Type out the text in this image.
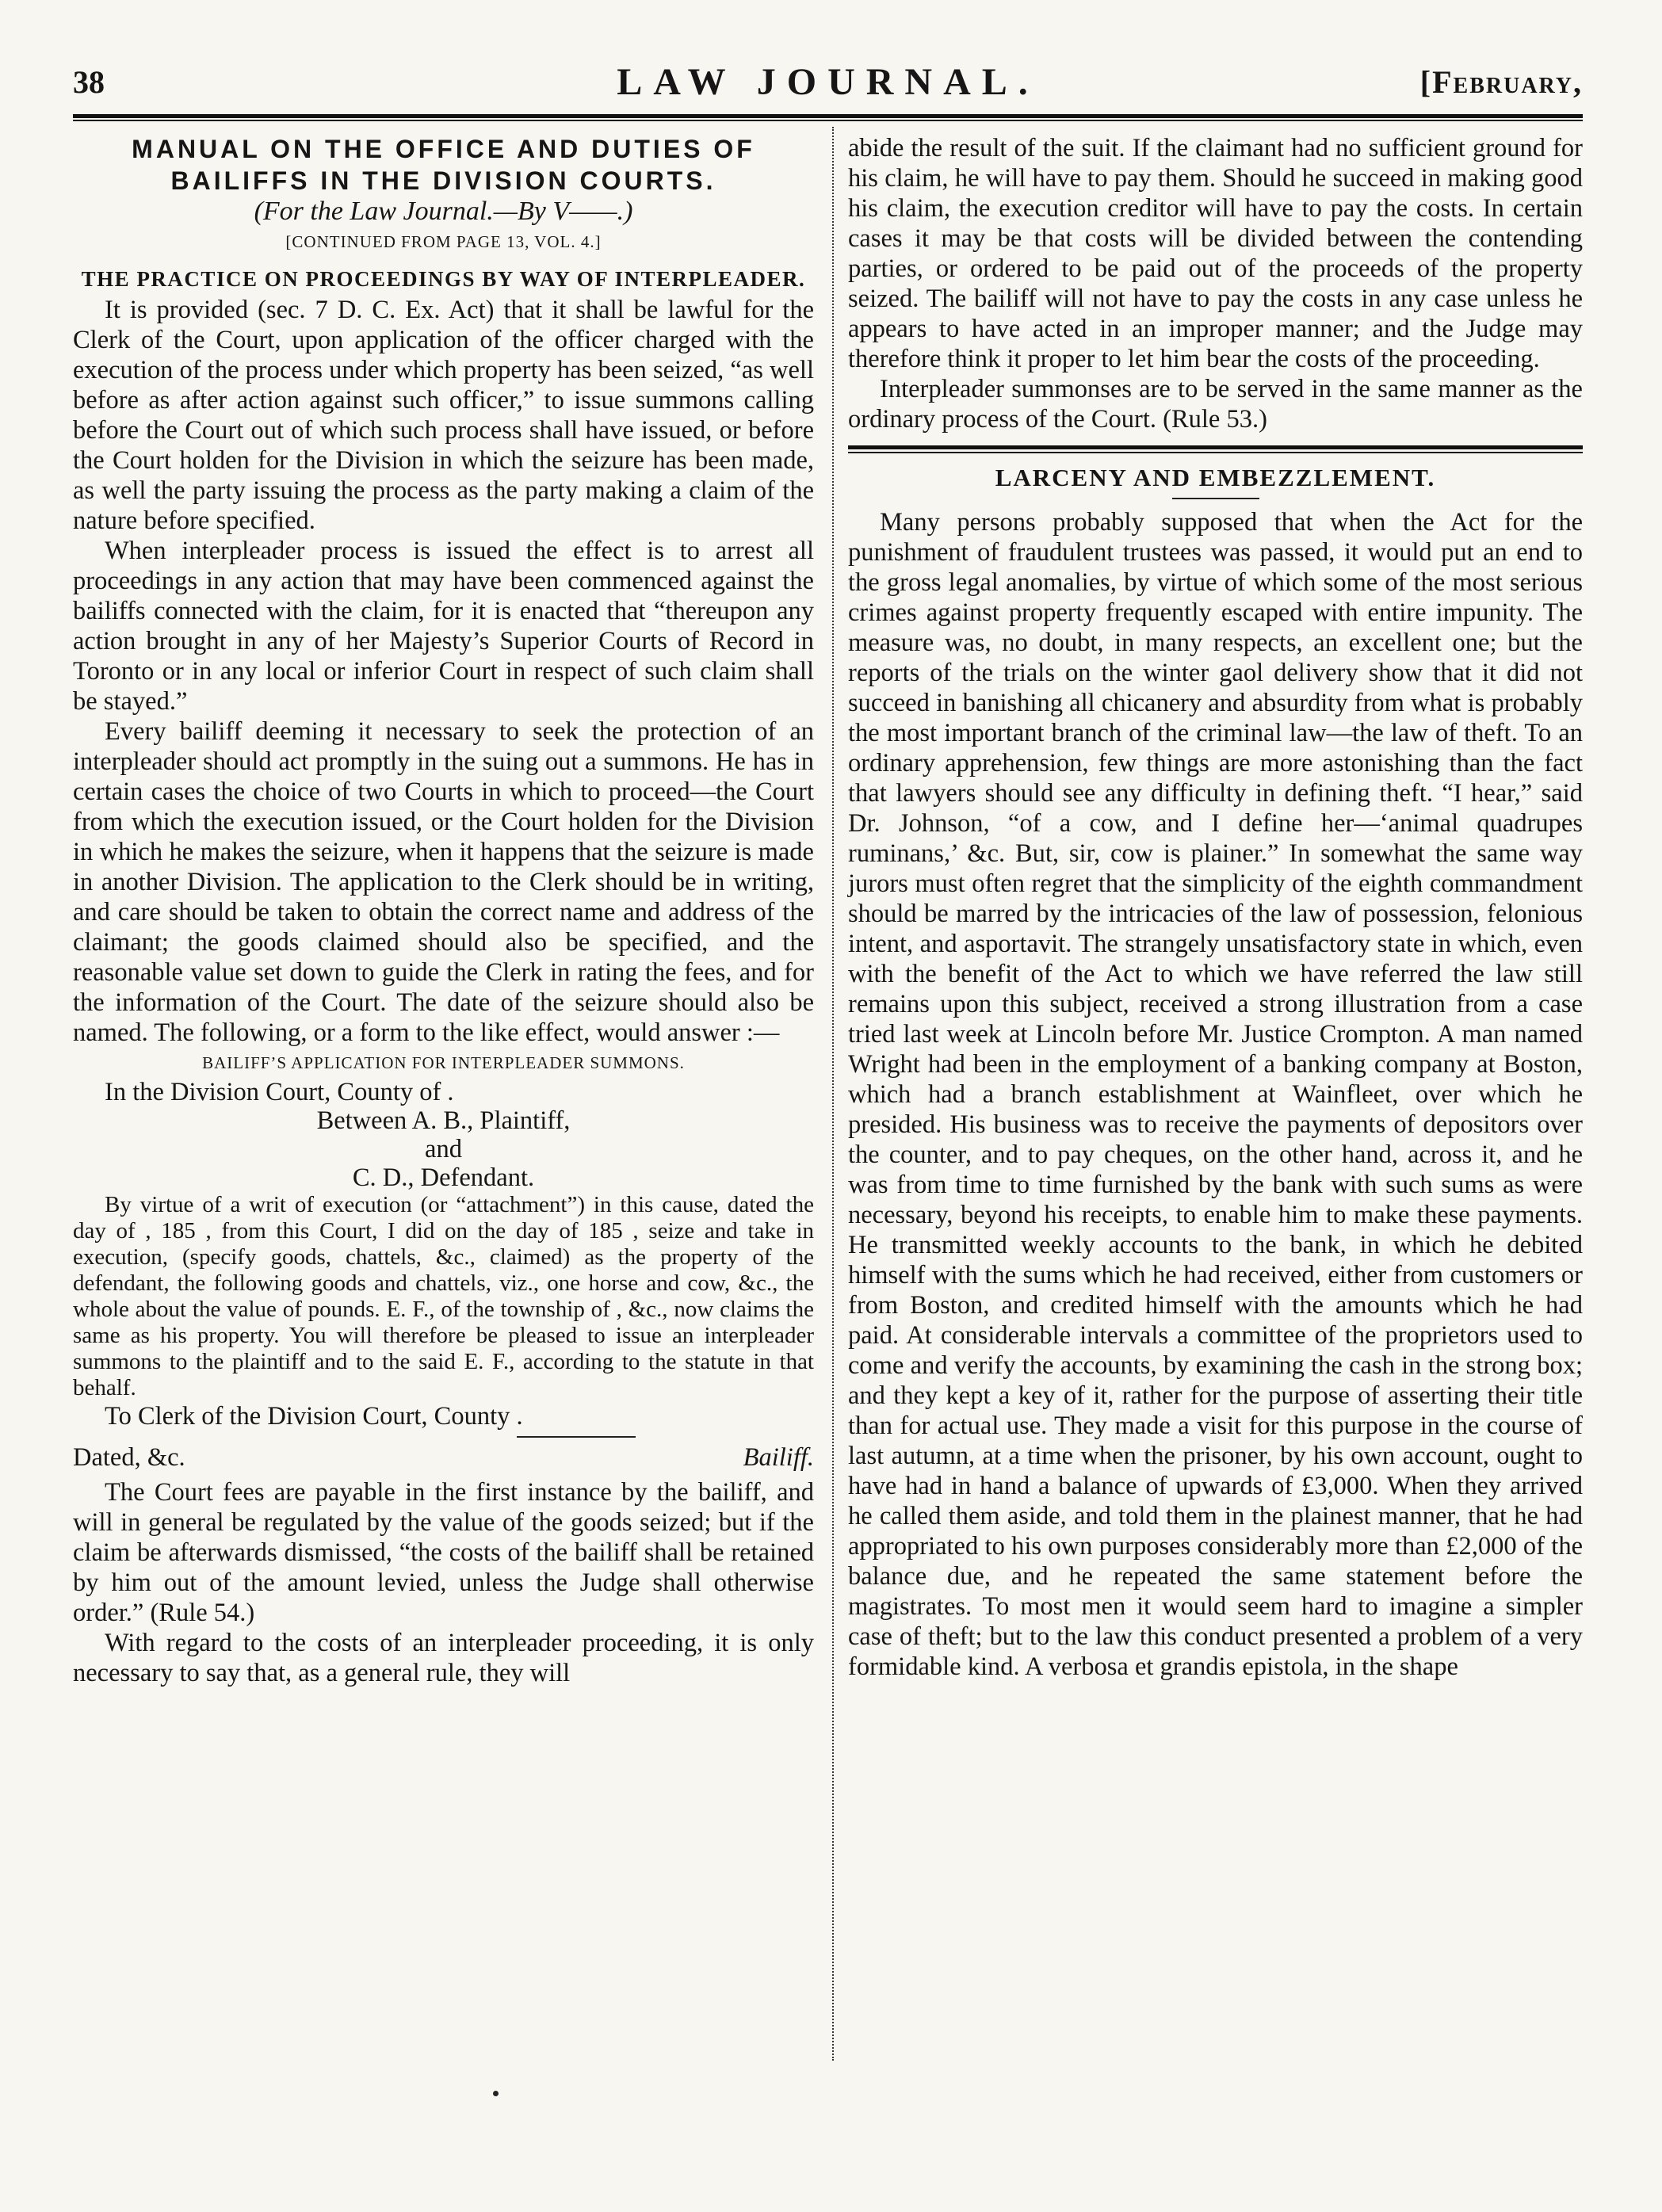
38	LAW JOURNAL.	[February,
MANUAL ON THE OFFICE AND DUTIES OF BAILIFFS IN THE DIVISION COURTS.

(For the Law Journal.—By V——.)

[CONTINUED FROM PAGE 13, VOL. 4.]

THE PRACTICE ON PROCEEDINGS BY WAY OF INTERPLEADER.

It is provided (sec. 7 D. C. Ex. Act) that it shall be lawful for the Clerk of the Court, upon application of the officer charged with the execution of the process under which property has been seized, “as well before as after action against such officer,” to issue summons calling before the Court out of which such process shall have issued, or before the Court holden for the Division in which the seizure has been made, as well the party issuing the process as the party making a claim of the nature before specified.

When interpleader process is issued the effect is to arrest all proceedings in any action that may have been commenced against the bailiffs connected with the claim, for it is enacted that “thereupon any action brought in any of her Majesty’s Superior Courts of Record in Toronto or in any local or inferior Court in respect of such claim shall be stayed.”

Every bailiff deeming it necessary to seek the protection of an interpleader should act promptly in the suing out a summons. He has in certain cases the choice of two Courts in which to proceed—the Court from which the execution issued, or the Court holden for the Division in which he makes the seizure, when it happens that the seizure is made in another Division. The application to the Clerk should be in writing, and care should be taken to obtain the correct name and address of the claimant; the goods claimed should also be specified, and the reasonable value set down to guide the Clerk in rating the fees, and for the information of the Court. The date of the seizure should also be named. The following, or a form to the like effect, would answer :—

BAILIFF’S APPLICATION FOR INTERPLEADER SUMMONS.

In the Division Court, County of .

Between A. B., Plaintiff,

and

C. D., Defendant.

By virtue of a writ of execution (or “attachment”) in this cause, dated the day of , 185 , from this Court, I did on the day of 185 , seize and take in execution, (specify goods, chattels, &c., claimed) as the property of the defendant, the following goods and chattels, viz., one horse and cow, &c., the whole about the value of pounds. E. F., of the township of , &c., now claims the same as his property. You will therefore be pleased to issue an interpleader summons to the plaintiff and to the said E. F., according to the statute in that behalf.

To Clerk of the Division Court, County .

Dated, &c.	Bailiff.

The Court fees are payable in the first instance by the bailiff, and will in general be regulated by the value of the goods seized; but if the claim be afterwards dismissed, “the costs of the bailiff shall be retained by him out of the amount levied, unless the Judge shall otherwise order.” (Rule 54.)

With regard to the costs of an interpleader proceeding, it is only necessary to say that, as a general rule, they will

abide the result of the suit. If the claimant had no sufficient ground for his claim, he will have to pay them. Should he succeed in making good his claim, the execution creditor will have to pay the costs. In certain cases it may be that costs will be divided between the contending parties, or ordered to be paid out of the proceeds of the property seized. The bailiff will not have to pay the costs in any case unless he appears to have acted in an improper manner; and the Judge may therefore think it proper to let him bear the costs of the proceeding.

Interpleader summonses are to be served in the same manner as the ordinary process of the Court. (Rule 53.)

LARCENY AND EMBEZZLEMENT.

Many persons probably supposed that when the Act for the punishment of fraudulent trustees was passed, it would put an end to the gross legal anomalies, by virtue of which some of the most serious crimes against property frequently escaped with entire impunity. The measure was, no doubt, in many respects, an excellent one; but the reports of the trials on the winter gaol delivery show that it did not succeed in banishing all chicanery and absurdity from what is probably the most important branch of the criminal law—the law of theft. To an ordinary apprehension, few things are more astonishing than the fact that lawyers should see any difficulty in defining theft. “I hear,” said Dr. Johnson, “of a cow, and I define her—‘animal quadrupes ruminans,’ &c. But, sir, cow is plainer.” In somewhat the same way jurors must often regret that the simplicity of the eighth commandment should be marred by the intricacies of the law of possession, felonious intent, and asportavit. The strangely unsatisfactory state in which, even with the benefit of the Act to which we have referred the law still remains upon this subject, received a strong illustration from a case tried last week at Lincoln before Mr. Justice Crompton. A man named Wright had been in the employment of a banking company at Boston, which had a branch establishment at Wainfleet, over which he presided. His business was to receive the payments of depositors over the counter, and to pay cheques, on the other hand, across it, and he was from time to time furnished by the bank with such sums as were necessary, beyond his receipts, to enable him to make these payments. He transmitted weekly accounts to the bank, in which he debited himself with the sums which he had received, either from customers or from Boston, and credited himself with the amounts which he had paid. At considerable intervals a committee of the proprietors used to come and verify the accounts, by examining the cash in the strong box; and they kept a key of it, rather for the purpose of asserting their title than for actual use. They made a visit for this purpose in the course of last autumn, at a time when the prisoner, by his own account, ought to have had in hand a balance of upwards of £3,000. When they arrived he called them aside, and told them in the plainest manner, that he had appropriated to his own purposes considerably more than £2,000 of the balance due, and he repeated the same statement before the magistrates. To most men it would seem hard to imagine a simpler case of theft; but to the law this conduct presented a problem of a very formidable kind. A verbosa et grandis epistola, in the shape
